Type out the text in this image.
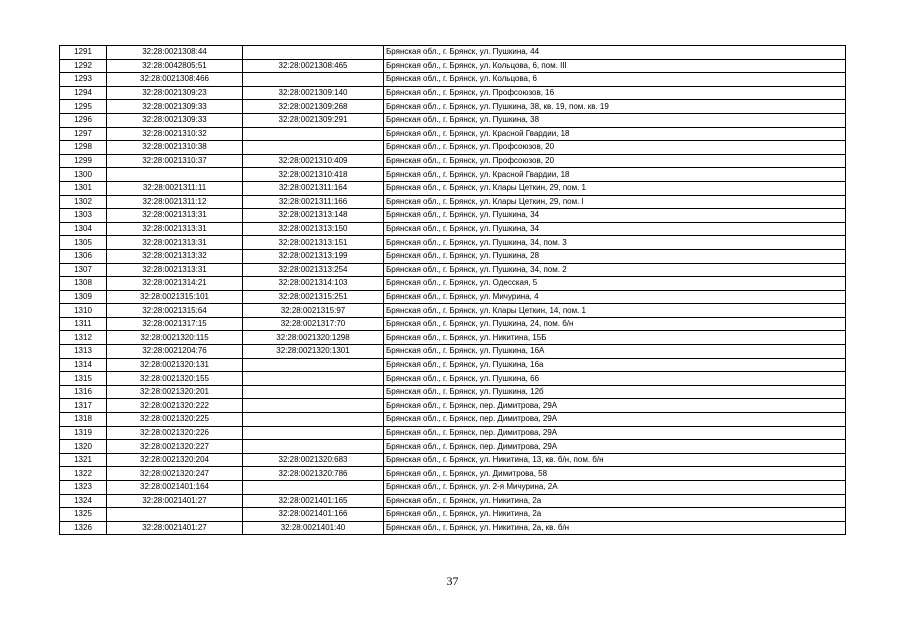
1291	32:28:0021308:44		Брянская обл., г. Брянск, ул. Пушкина, 44
1292	32:28:0042805:51	32:28:0021308:465	Брянская обл., г. Брянск, ул. Кольцова, 6, пом. III
1293	32:28:0021308:466		Брянская обл., г. Брянск, ул. Кольцова, 6
1294	32:28:0021309:23	32:28:0021309:140	Брянская обл., г. Брянск, ул. Профсоюзов, 16
1295	32:28:0021309:33	32:28:0021309:268	Брянская обл., г. Брянск, ул. Пушкина, 38, кв. 19, пом. кв. 19
1296	32:28:0021309:33	32:28:0021309:291	Брянская обл., г. Брянск, ул. Пушкина, 38
1297	32:28:0021310:32		Брянская обл., г. Брянск, ул. Красной Гвардии, 18
1298	32:28:0021310:38		Брянская обл., г. Брянск, ул. Профсоюзов, 20
1299	32:28:0021310:37	32:28:0021310:409	Брянская обл., г. Брянск, ул. Профсоюзов, 20
1300		32:28:0021310:418	Брянская обл., г. Брянск, ул. Красной Гвардии, 18
1301	32:28:0021311:11	32:28:0021311:164	Брянская обл., г. Брянск, ул. Клары Цеткин, 29, пом. 1
1302	32:28:0021311:12	32:28:0021311:166	Брянская обл., г. Брянск, ул. Клары Цеткин, 29, пом. I
1303	32:28:0021313:31	32:28:0021313:148	Брянская обл., г. Брянск, ул. Пушкина, 34
1304	32:28:0021313:31	32:28:0021313:150	Брянская обл., г. Брянск, ул. Пушкина, 34
1305	32:28:0021313:31	32:28:0021313:151	Брянская обл., г. Брянск, ул. Пушкина, 34, пом. 3
1306	32:28:0021313:32	32:28:0021313:199	Брянская обл., г. Брянск, ул. Пушкина, 28
1307	32:28:0021313:31	32:28:0021313:254	Брянская обл., г. Брянск, ул. Пушкина, 34, пом. 2
1308	32:28:0021314:21	32:28:0021314:103	Брянская обл., г. Брянск, ул. Одесская, 5
1309	32:28:0021315:101	32:28:0021315:251	Брянская обл., г. Брянск, ул. Мичурина, 4
1310	32:28:0021315:64	32:28:0021315:97	Брянская обл., г. Брянск, ул. Клары Цеткин, 14, пом. 1
1311	32:28:0021317:15	32:28:0021317:70	Брянская обл., г. Брянск, ул. Пушкина, 24, пом. б/н
1312	32:28:0021320:115	32:28:0021320:1298	Брянская обл., г. Брянск, ул. Никитина, 15Б
1313	32:28:0021204:76	32:28:0021320:1301	Брянская обл., г. Брянск, ул. Пушкина, 16А
1314	32:28:0021320:131		Брянская обл., г. Брянск, ул. Пушкина, 16а
1315	32:28:0021320:155		Брянская обл., г. Брянск, ул. Пушкина, 66
1316	32:28:0021320:201		Брянская обл., г. Брянск, ул. Пушкина, 12б
1317	32:28:0021320:222		Брянская обл., г. Брянск, пер. Димитрова, 29А
1318	32:28:0021320:225		Брянская обл., г. Брянск, пер. Димитрова, 29А
1319	32:28:0021320:226		Брянская обл., г. Брянск, пер. Димитрова, 29А
1320	32:28:0021320:227		Брянская обл., г. Брянск, пер. Димитрова, 29А
1321	32:28:0021320:204	32:28:0021320:683	Брянская обл., г. Брянск, ул. Никитина, 13, кв. б/н, пом. б/н
1322	32:28:0021320:247	32:28:0021320:786	Брянская обл., г. Брянск, ул. Димитрова, 58
1323	32:28:0021401:164		Брянская обл., г. Брянск, ул. 2-я Мичурина, 2А
1324	32:28:0021401:27	32:28:0021401:165	Брянская обл., г. Брянск, ул. Никитина, 2а
1325		32:28:0021401:166	Брянская обл., г. Брянск, ул. Никитина, 2а
1326	32:28:0021401:27	32:28:0021401:40	Брянская обл., г. Брянск, ул. Никитина, 2а, кв. б/н
37
